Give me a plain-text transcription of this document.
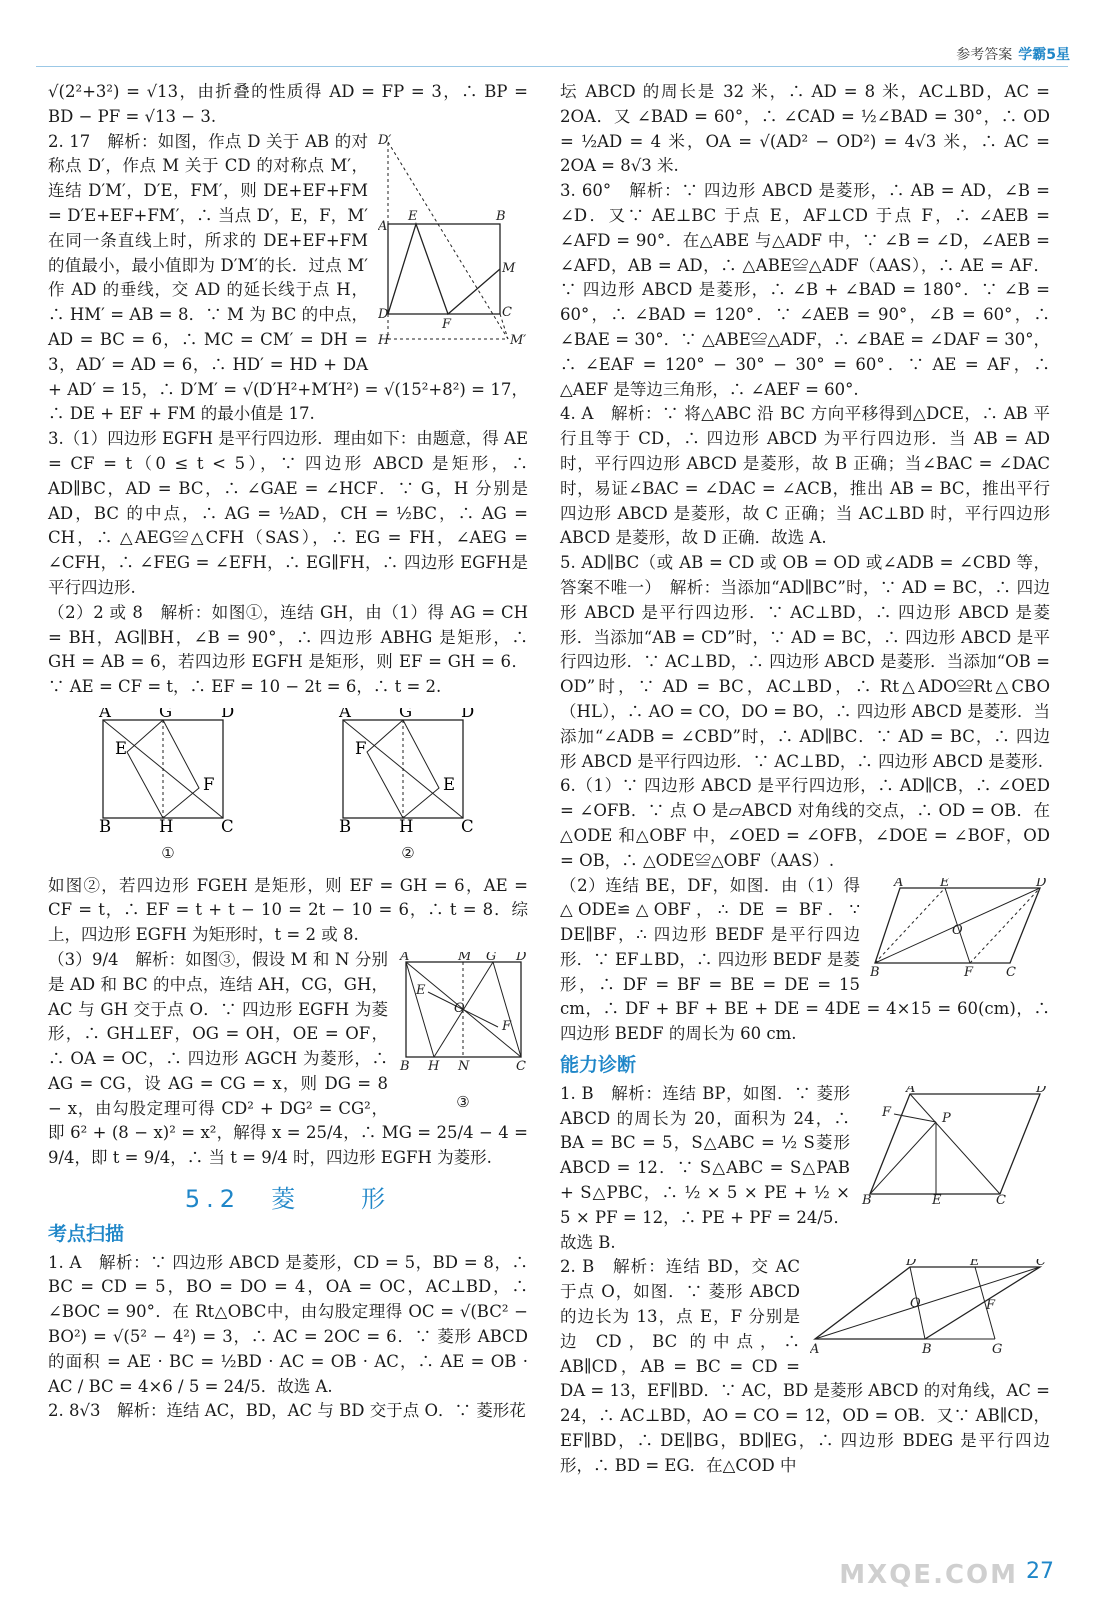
参考答案 学霸5星

√(2²+3²) = √13，由折叠的性质得 AD = FP = 3，∴ BP = BD − PF = √13 − 3.

D′
A
E	B
M
D
F
C
H	M′

2. 17　解析：如图，作点 D 关于 AB 的对称点 D′，作点 M 关于 CD 的对称点 M′，连结 D′M′，D′E，FM′，则 DE+EF+FM = D′E+EF+FM′，∴ 当点 D′，E，F，M′在同一条直线上时，所求的 DE+EF+FM 的值最小，最小值即为 D′M′的长．过点 M′作 AD 的垂线，交 AD 的延长线于点 H，∴ HM′ = AB = 8．∵ M 为 BC 的中点，AD = BC = 6，∴ MC = CM′ = DH = 3，AD′ = AD = 6，∴ HD′ = HD + DA + AD′ = 15，∴ D′M′ = √(D′H²+M′H²) = √(15²+8²) = 17，∴ DE + EF + FM 的最小值是 17.

3.（1）四边形 EGFH 是平行四边形．理由如下：由题意，得 AE = CF = t（0 ≤ t < 5），∵ 四边形 ABCD 是矩形，∴ AD∥BC，AD = BC，∴ ∠GAE = ∠HCF．∵ G，H 分别是 AD，BC 的中点，∴ AG = ½AD，CH = ½BC，∴ AG = CH，∴ △AEG≌△CFH（SAS），∴ EG = FH，∠AEG = ∠CFH，∴ ∠FEG = ∠EFH，∴ EG∥FH，∴ 四边形 EGFH是平行四边形.

（2）2 或 8　解析：如图①，连结 GH，由（1）得 AG = CH = BH，AG∥BH，∠B = 90°，∴ 四边形 ABHG 是矩形，∴ GH = AB = 6，若四边形 EGFH 是矩形，则 EF = GH = 6．∵ AE = CF = t，∴ EF = 10 − 2t = 6，∴ t = 2.

A	G	D
E
F
B	H	C
①
A	G	D
F
E
B	H	C
②

如图②，若四边形 FGEH 是矩形，则 EF = GH = 6，AE = CF = t，∴ EF = t + t − 10 = 2t − 10 = 6，∴ t = 8．综上，四边形 EGFH 为矩形时，t = 2 或 8.

A	M G D
E
O
F
B H N	C
③

（3）9/4　解析：如图③，假设 M 和 N 分别是 AD 和 BC 的中点，连结 AH，CG，GH，AC 与 GH 交于点 O．∵ 四边形 EGFH 为菱形，∴ GH⊥EF，OG = OH，OE = OF，∴ OA = OC，∴ 四边形 AGCH 为菱形，∴ AG = CG，设 AG = CG = x，则 DG = 8 − x，由勾股定理可得 CD² + DG² = CG²，即 6² + (8 − x)² = x²，解得 x = 25/4，∴ MG = 25/4 − 4 = 9/4，即 t = 9/4，∴ 当 t = 9/4 时，四边形 EGFH 为菱形.

5.2　菱　　形

考点扫描

1. A　解析：∵ 四边形 ABCD 是菱形，CD = 5，BD = 8，∴ BC = CD = 5，BO = DO = 4，OA = OC，AC⊥BD，∴ ∠BOC = 90°．在 Rt△OBC中，由勾股定理得 OC = √(BC² − BO²) = √(5² − 4²) = 3，∴ AC = 2OC = 6．∵ 菱形 ABCD 的面积 = AE · BC = ½BD · AC = OB · AC，∴ AE = OB · AC / BC = 4×6 / 5 = 24/5．故选 A.

2. 8√3　解析：连结 AC，BD，AC 与 BD 交于点 O．∵ 菱形花

坛 ABCD 的周长是 32 米，∴ AD = 8 米，AC⊥BD，AC = 2OA．又 ∠BAD = 60°，∴ ∠CAD = ½∠BAD = 30°，∴ OD = ½AD = 4 米，OA = √(AD² − OD²) = 4√3 米，∴ AC = 2OA = 8√3 米.

3. 60°　解析：∵ 四边形 ABCD 是菱形，∴ AB = AD，∠B = ∠D．又∵ AE⊥BC 于点 E，AF⊥CD 于点 F，∴ ∠AEB = ∠AFD = 90°．在△ABE 与△ADF 中，∵ ∠B = ∠D，∠AEB = ∠AFD，AB = AD，∴ △ABE≌△ADF（AAS），∴ AE = AF．∵ 四边形 ABCD 是菱形，∴ ∠B + ∠BAD = 180°．∵ ∠B = 60°，∴ ∠BAD = 120°．∵ ∠AEB = 90°，∠B = 60°，∴ ∠BAE = 30°．∵ △ABE≌△ADF，∴ ∠BAE = ∠DAF = 30°，∴ ∠EAF = 120° − 30° − 30° = 60°．∵ AE = AF，∴ △AEF 是等边三角形，∴ ∠AEF = 60°.

4. A　解析：∵ 将△ABC 沿 BC 方向平移得到△DCE，∴ AB 平行且等于 CD，∴ 四边形 ABCD 为平行四边形．当 AB = AD 时，平行四边形 ABCD 是菱形，故 B 正确；当∠BAC = ∠DAC 时，易证∠BAC = ∠DAC = ∠ACB，推出 AB = BC，推出平行四边形 ABCD 是菱形，故 C 正确；当 AC⊥BD 时，平行四边形 ABCD 是菱形，故 D 正确．故选 A.

5. AD∥BC（或 AB = CD 或 OB = OD 或∠ADB = ∠CBD 等，答案不唯一）　解析：当添加“AD∥BC”时，∵ AD = BC，∴ 四边形 ABCD 是平行四边形．∵ AC⊥BD，∴ 四边形 ABCD 是菱形．当添加“AB = CD”时，∵ AD = BC，∴ 四边形 ABCD 是平行四边形．∵ AC⊥BD，∴ 四边形 ABCD 是菱形．当添加“OB = OD”时，∵ AD = BC，AC⊥BD，∴ Rt△ADO≌Rt△CBO（HL），∴ AO = CO，DO = BO，∴ 四边形 ABCD 是菱形．当添加“∠ADB = ∠CBD”时，∴ AD∥BC．∵ AD = BC，∴ 四边形 ABCD 是平行四边形．∵ AC⊥BD，∴ 四边形 ABCD 是菱形.

6.（1）∵ 四边形 ABCD 是平行四边形，∴ AD∥CB，∴ ∠OED = ∠OFB．∵ 点 O 是▱ABCD 对角线的交点，∴ OD = OB．在△ODE 和△OBF 中，∠OED = ∠OFB，∠DOE = ∠BOF，OD = OB，∴ △ODE≌△OBF（AAS）.

A	E	D
O
B	F	C

（2）连结 BE，DF，如图．由（1）得△ODE≌△OBF，∴ DE = BF．∵ DE∥BF，∴ 四边形 BEDF 是平行四边形．∵ EF⊥BD，∴ 四边形 BEDF 是菱形，∴ DF = BF = BE = DE = 15 cm，∴ DF + BF + BE + DE = 4DE = 4×15 = 60(cm)，∴ 四边形 BEDF 的周长为 60 cm.

能力诊断

A	D
P
F
B	E	C

1. B　解析：连结 BP，如图．∵ 菱形 ABCD 的周长为 20，面积为 24，∴ BA = BC = 5，S△ABC = ½ S菱形ABCD = 12．∵ S△ABC = S△PAB + S△PBC，∴ ½ × 5 × PE + ½ × 5 × PF = 12，∴ PE + PF = 24/5．故选 B.

D	E	C
O	F
A	B	G

2. B　解析：连结 BD，交 AC 于点 O，如图．∵ 菱形 ABCD 的边长为 13，点 E，F 分别是边 CD，BC 的中点，∴ AB∥CD，AB = BC = CD = DA = 13，EF∥BD．∵ AC，BD 是菱形 ABCD 的对角线，AC = 24，∴ AC⊥BD，AO = CO = 12，OD = OB．又∵ AB∥CD，EF∥BD，∴ DE∥BG，BD∥EG，∴ 四边形 BDEG 是平行四边形，∴ BD = EG．在△COD 中

MXQE.COM 27
